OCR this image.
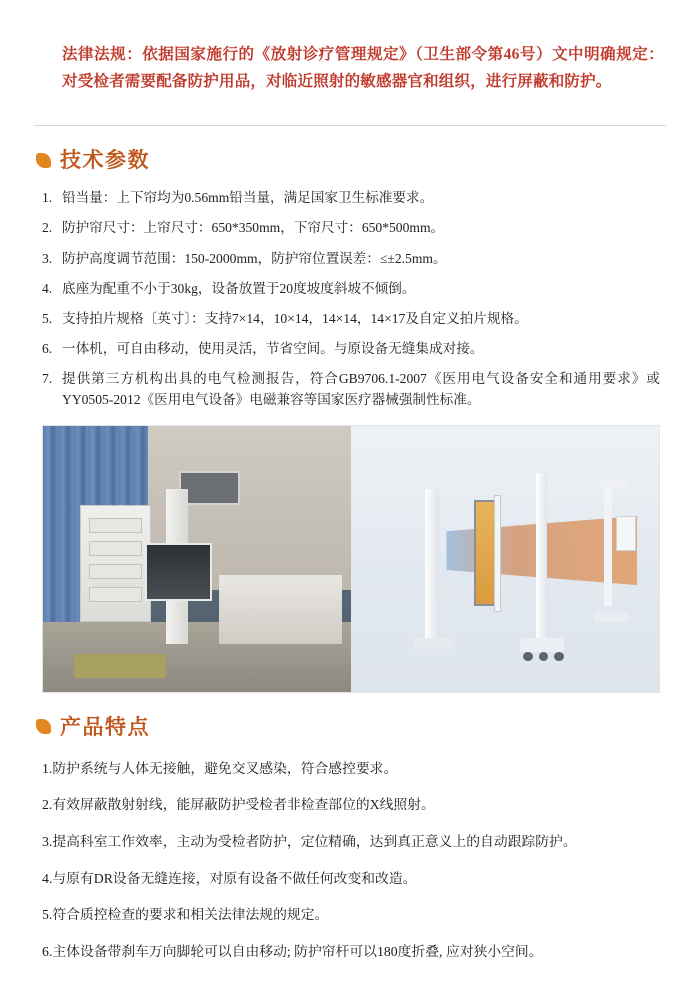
法律法规：依据国家施行的《放射诊疗管理规定》（卫生部令第46号）文中明确规定：对受检者需要配备防护用品，对临近照射的敏感器官和组织，进行屏蔽和防护。
技术参数
1. 铅当量：上下帘均为0.56mm铅当量，满足国家卫生标准要求。
2. 防护帘尺寸：上帘尺寸：650*350mm，下帘尺寸：650*500mm。
3. 防护高度调节范围：150-2000mm，防护帘位置误差：≤±2.5mm。
4. 底座为配重不小于30kg，设备放置于20度坡度斜坡不倾倒。
5. 支持拍片规格〔英寸〕：支持7×14，10×14，14×14，14×17及自定义拍片规格。
6. 一体机，可自由移动，使用灵活，节省空间。与原设备无缝集成对接。
7. 提供第三方机构出具的电气检测报告，符合GB9706.1-2007《医用电气设备安全和通用要求》或YY0505-2012《医用电气设备》电磁兼容等国家医疗器械强制性标准。
产品特点
1.防护系统与人体无接触，避免交叉感染，符合感控要求。
2.有效屏蔽散射射线，能屏蔽防护受检者非检查部位的X线照射。
3.提高科室工作效率，主动为受检者防护，定位精确，达到真正意义上的自动跟踪防护。
4.与原有DR设备无缝连接，对原有设备不做任何改变和改造。
5.符合质控检查的要求和相关法律法规的规定。
6.主体设备带刹车万向脚轮可以自由移动; 防护帘杆可以180度折叠, 应对狭小空间。
